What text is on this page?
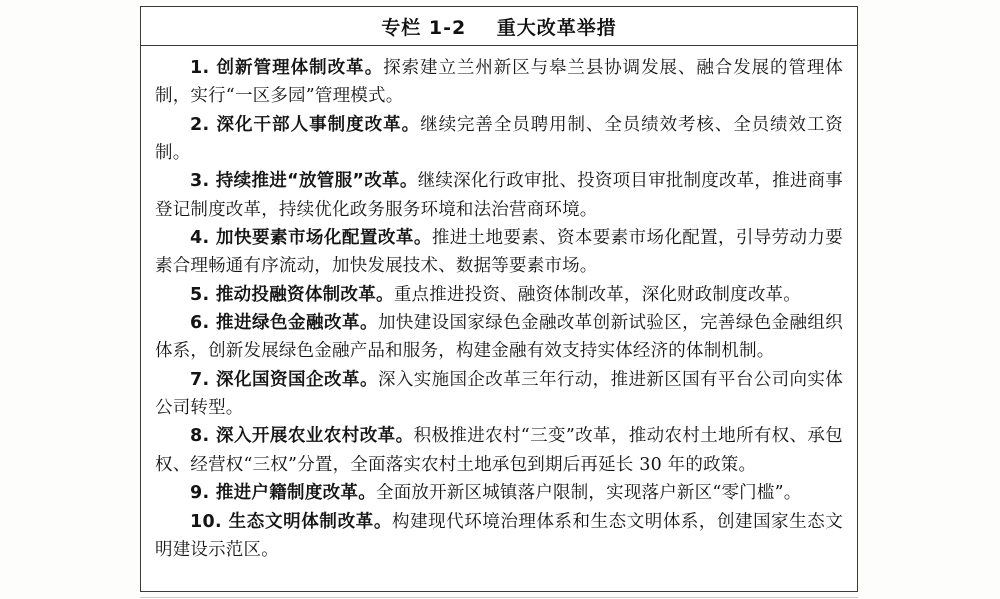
专栏 1-2    重大改革举措

1. 创新管理体制改革。探索建立兰州新区与皋兰县协调发展、融合发展的管理体制，实行“一区多园”管理模式。

2. 深化干部人事制度改革。继续完善全员聘用制、全员绩效考核、全员绩效工资制。

3. 持续推进“放管服”改革。继续深化行政审批、投资项目审批制度改革，推进商事登记制度改革，持续优化政务服务环境和法治营商环境。

4. 加快要素市场化配置改革。推进土地要素、资本要素市场化配置，引导劳动力要素合理畅通有序流动，加快发展技术、数据等要素市场。

5. 推动投融资体制改革。重点推进投资、融资体制改革，深化财政制度改革。

6. 推进绿色金融改革。加快建设国家绿色金融改革创新试验区，完善绿色金融组织体系，创新发展绿色金融产品和服务，构建金融有效支持实体经济的体制机制。

7. 深化国资国企改革。深入实施国企改革三年行动，推进新区国有平台公司向实体公司转型。

8. 深入开展农业农村改革。积极推进农村“三变”改革，推动农村土地所有权、承包权、经营权“三权”分置，全面落实农村土地承包到期后再延长 30 年的政策。

9. 推进户籍制度改革。全面放开新区城镇落户限制，实现落户新区“零门槛”。

10. 生态文明体制改革。构建现代环境治理体系和生态文明体系，创建国家生态文明建设示范区。
